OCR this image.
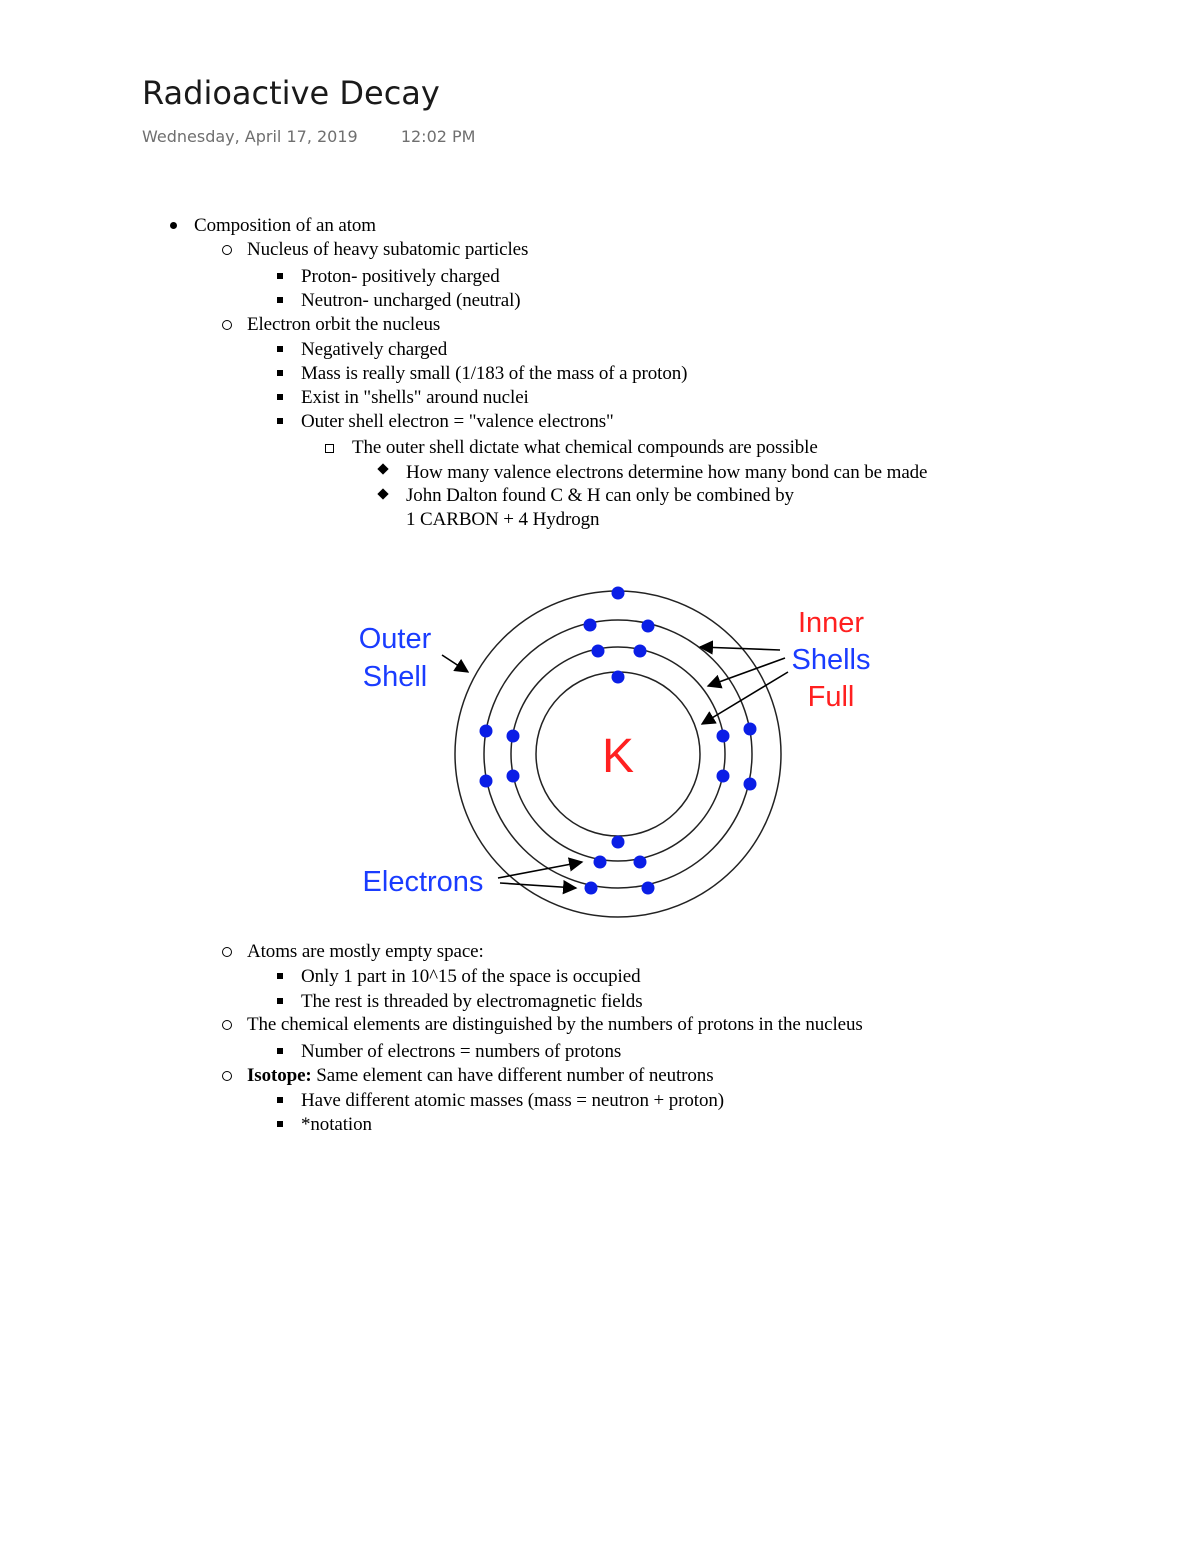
Radioactive Decay
Wednesday, April 17, 2019	12:02 PM
Composition of an atom
Nucleus of heavy subatomic particles
Proton- positively charged
Neutron- uncharged (neutral)
Electron orbit the nucleus
Negatively charged
Mass is really small (1/183 of the mass of a proton)
Exist in "shells" around nuclei
Outer shell electron = "valence electrons"
The outer shell dictate what chemical compounds are possible
How many valence electrons determine how many bond can be made
John Dalton found C & H can only be combined by
1 CARBON + 4 Hydrogn
K
Outer
Shell
Inner
Shells
Full
Electrons
Atoms are mostly empty space:
Only 1 part in 10^15 of the space is occupied
The rest is threaded by electromagnetic fields
The chemical elements are distinguished by the numbers of protons in the nucleus
Number of electrons = numbers of protons
Isotope: Same element can have different number of neutrons
Have different atomic masses (mass = neutron + proton)
*notation
